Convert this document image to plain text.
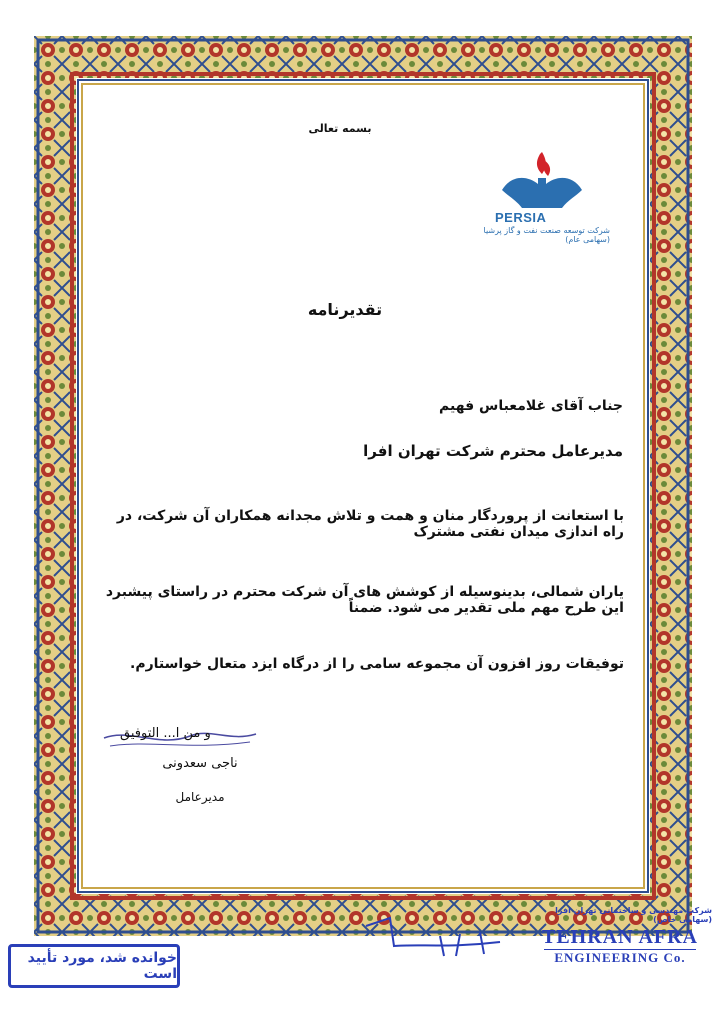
بسمه تعالی
PERSIA
شرکت توسعه صنعت نفت و گاز پرشیا (سهامی عام)
تقدیرنامه
جناب آقای غلامعباس فهیم
مدیرعامل محترم شرکت تهران افرا
با استعانت از پروردگار منان و همت و تلاش مجدانه همکاران آن شرکت، در راه اندازی میدان نفتی مشترک
یاران شمالی، بدینوسیله از کوشش های آن شرکت محترم در راستای پیشبرد این طرح مهم ملی تقدیر می شود. ضمناً
توفیقات روز افزون آن مجموعه سامی را از درگاه ایزد متعال خواستارم.
و من ا... التوفیق
ناجی سعدونی
مدیرعامل
خوانده شد، مورد تأیید است
شرکت مهندسی و ساختمانی تهران افرا (سهامی خاص)
TEHRAN AFRA
ENGINEERING Co.
